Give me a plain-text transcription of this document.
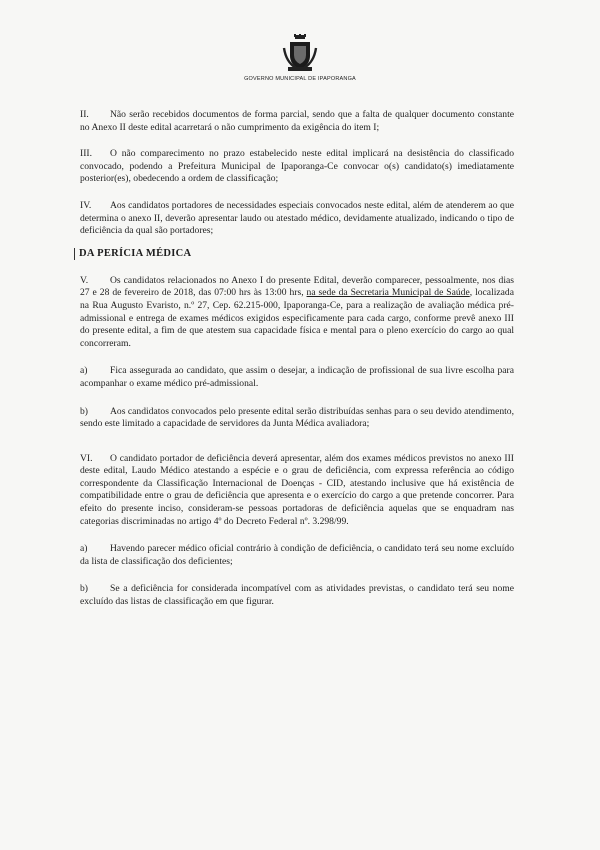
GOVERNO MUNICIPAL DE IPAPORANGA

II. Não serão recebidos documentos de forma parcial, sendo que a falta de qualquer documento constante no Anexo II deste edital acarretará o não cumprimento da exigência do item I;

III. O não comparecimento no prazo estabelecido neste edital implicará na desistência do classificado convocado, podendo a Prefeitura Municipal de Ipaporanga-Ce convocar o(s) candidato(s) imediatamente posterior(es), obedecendo a ordem de classificação;

IV. Aos candidatos portadores de necessidades especiais convocados neste edital, além de atenderem ao que determina o anexo II, deverão apresentar laudo ou atestado médico, devidamente atualizado, indicando o tipo de deficiência da qual são portadores;

DA PERÍCIA MÉDICA

V. Os candidatos relacionados no Anexo I do presente Edital, deverão comparecer, pessoalmente, nos dias 27 e 28 de fevereiro de 2018, das 07:00 hrs às 13:00 hrs, na sede da Secretaria Municipal de Saúde, localizada na Rua Augusto Evaristo, n.º 27, Cep. 62.215-000, Ipaporanga-Ce, para a realização de avaliação médica pré-admissional e entrega de exames médicos exigidos especificamente para cada cargo, conforme prevê anexo III do presente edital, a fim de que atestem sua capacidade física e mental para o pleno exercício do cargo ao qual concorreram.

a) Fica assegurada ao candidato, que assim o desejar, a indicação de profissional de sua livre escolha para acompanhar o exame médico pré-admissional.

b) Aos candidatos convocados pelo presente edital serão distribuídas senhas para o seu devido atendimento, sendo este limitado a capacidade de servidores da Junta Médica avaliadora;

VI. O candidato portador de deficiência deverá apresentar, além dos exames médicos previstos no anexo III deste edital, Laudo Médico atestando a espécie e o grau de deficiência, com expressa referência ao código correspondente da Classificação Internacional de Doenças - CID, atestando inclusive que há existência de compatibilidade entre o grau de deficiência que apresenta e o exercício do cargo a que pretende concorrer. Para efeito do presente inciso, consideram-se pessoas portadoras de deficiência aquelas que se enquadram nas categorias discriminadas no artigo 4º do Decreto Federal nº. 3.298/99.

a) Havendo parecer médico oficial contrário à condição de deficiência, o candidato terá seu nome excluído da lista de classificação dos deficientes;

b) Se a deficiência for considerada incompatível com as atividades previstas, o candidato terá seu nome excluído das listas de classificação em que figurar.
